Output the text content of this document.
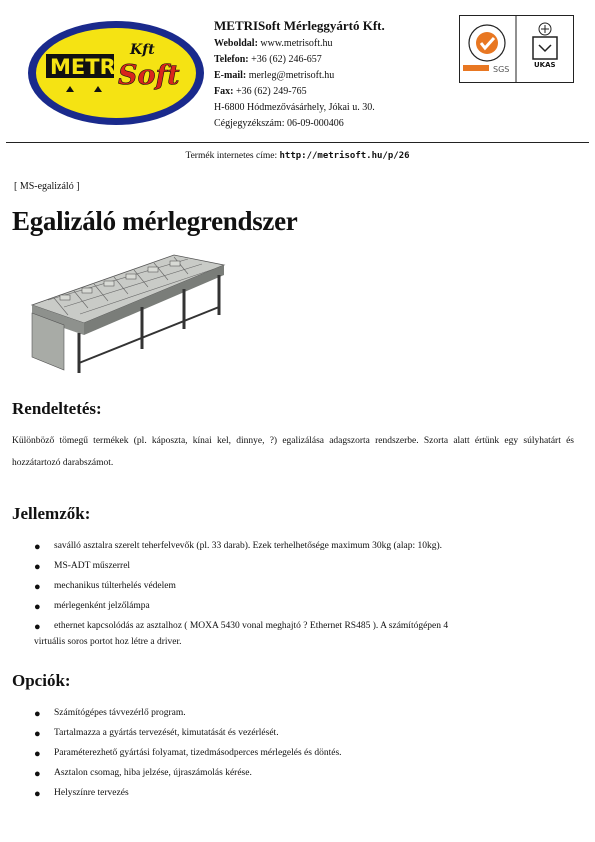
METRI
Kft
Soft
METRISoft Mérleggyártó Kft.
Weboldal: www.metrisoft.hu
Telefon: +36 (62) 246-657
E-mail: merleg@metrisoft.hu
Fax: +36 (62) 249-765
H-6800 Hódmezővásárhely, Jókai u. 30.
Cégjegyzékszám: 06-09-000406
SGS	UKAS
Termék internetes címe: http://metrisoft.hu/p/26
[ MS-egalizáló ]
Egalizáló mérlegrendszer
Rendeltetés:
Különböző tömegű termékek (pl. káposzta, kínai kel, dinnye, ?) egalizálása adagszorta rendszerbe. Szorta alatt értünk egy súlyhatárt és hozzátartozó darabszámot.
Jellemzők:
● saválló asztalra szerelt teherfelvevők (pl. 33 darab). Ezek terhelhetősége maximum 30kg (alap: 10kg).
● MS-ADT műszerrel
● mechanikus túlterhelés védelem
● mérlegenként jelzőlámpa
● ethernet kapcsolódás az asztalhoz ( MOXA 5430 vonal meghajtó ? Ethernet RS485 ). A számítógépen 4
virtuális soros portot hoz létre a driver.
Opciók:
● Számítógépes távvezérlő program.
● Tartalmazza a gyártás tervezését, kimutatását és vezérlését.
● Paraméterezhető gyártási folyamat, tizedmásodperces mérlegelés és döntés.
● Asztalon csomag, hiba jelzése, újraszámolás kérése.
● Helyszínre tervezés
